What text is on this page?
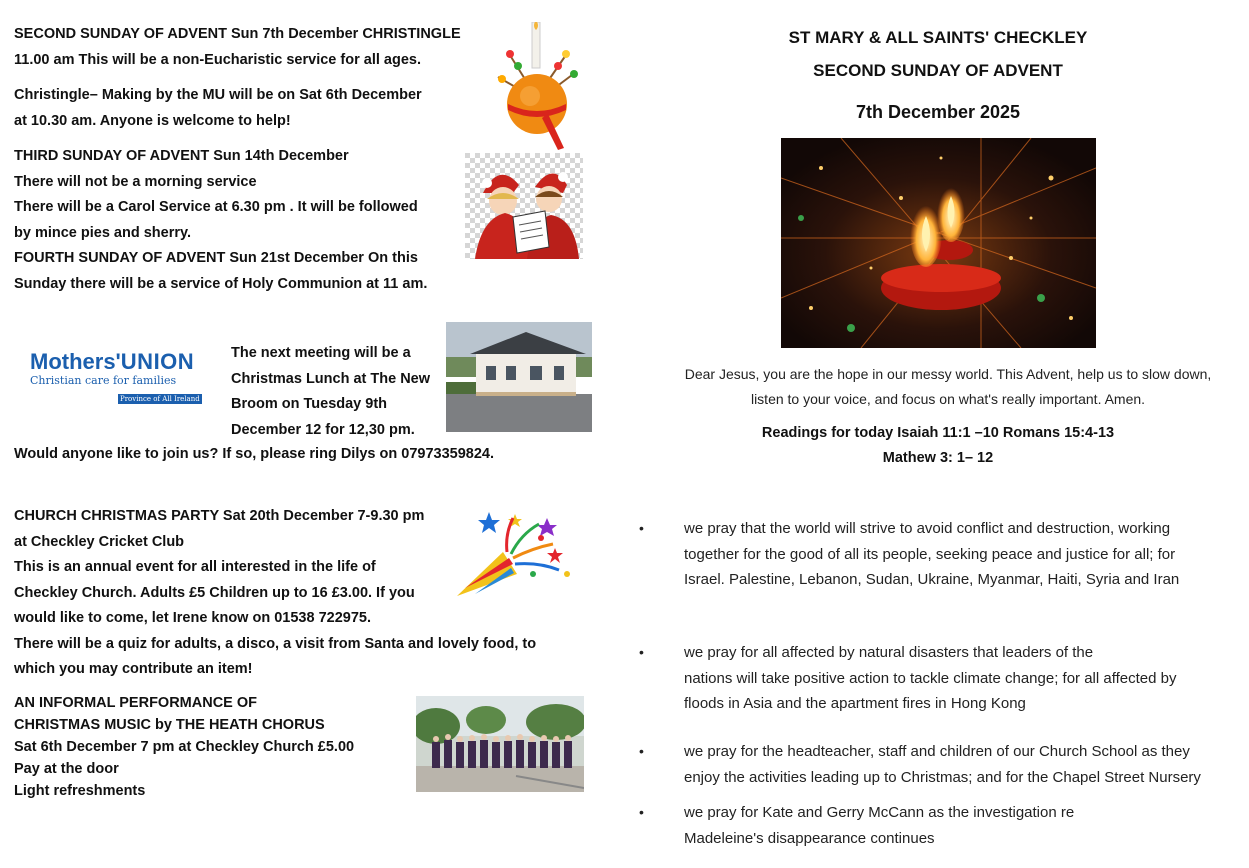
SECOND SUNDAY OF ADVENT Sun 7th December CHRISTINGLE

11.00 am This will be a non-Eucharistic service for all ages.

Christingle– Making by the MU will be on Sat 6th December

at 10.30 am. Anyone is welcome to help!

THIRD SUNDAY OF ADVENT Sun 14th December

There will not be a morning service

There will be a Carol Service at 6.30 pm . It will be followed

by mince pies and sherry.

FOURTH SUNDAY OF ADVENT Sun 21st December On this

Sunday there will be a service of Holy Communion at 11 am.

Mothers'UNION
Christian care for families
Province of All Ireland

The next meeting will be a

Christmas Lunch at The New

Broom on Tuesday 9th

December 12 for 12,30 pm.

Would anyone like to join us? If so, please ring Dilys on 07973359824.

CHURCH CHRISTMAS PARTY Sat 20th December 7-9.30 pm

at Checkley Cricket Club

This is an annual event for all interested in the life of

Checkley Church. Adults £5 Children up to 16 £3.00. If you

would like to come, let Irene know on 01538 722975.

There will be a quiz for adults, a disco, a visit from Santa and lovely food, to

which you may contribute an item!

AN INFORMAL PERFORMANCE OF

CHRISTMAS MUSIC by THE HEATH CHORUS

Sat 6th December 7 pm at Checkley Church £5.00

Pay at the door

Light refreshments

ST MARY & ALL SAINTS' CHECKLEY
SECOND SUNDAY OF ADVENT
7th December 2025
Dear Jesus, you are the hope in our messy world. This Advent, help us to slow down,
listen to your voice, and focus on what's really important. Amen.
Readings for today Isaiah 11:1 –10 Romans 15:4-13
Mathew 3: 1– 12
•	we pray that the world will strive to avoid conflict and destruction, working
together for the good of all its people, seeking peace and justice for all; for
Israel. Palestine, Lebanon, Sudan, Ukraine, Myanmar, Haiti, Syria and Iran
•	we pray for all affected by natural disasters that leaders of the
nations will take positive action to tackle climate change; for all affected by
floods in Asia and the apartment fires in Hong Kong
•	we pray for the headteacher, staff and children of our Church School as they
enjoy the activities leading up to Christmas; and for the Chapel Street Nursery
•	we pray for Kate and Gerry McCann as the investigation re
Madeleine's disappearance continues
